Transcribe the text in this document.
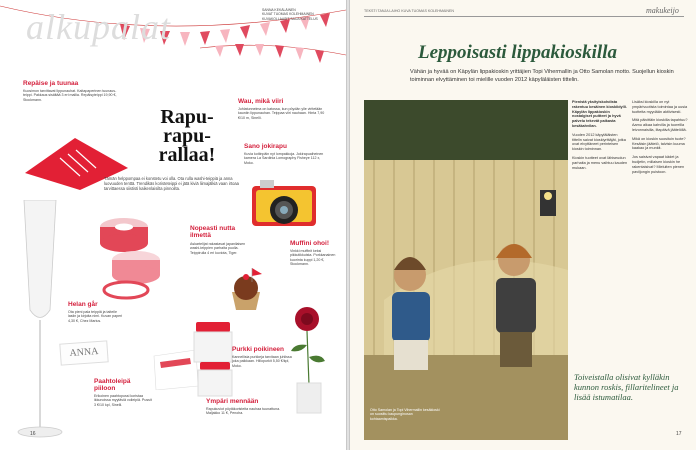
alkupalat	SANNA KEKÄLÄINEN
KUVAT TUOMAS KOLEHMAINEN
KUVAKOLLAASIT SAIJA KATTELUS
Repäise ja tuunaa
Kuosimon tarvittavat lippunauhat. Kaitapaperinen tuunaus-teippi. Pakkaus sisältää 3 eri mallia. Repäisyteippi 19,90 €, Stockmann.
Rapu-
rapu-
rallaa!
Tämän helppompaa ei konstetu voi olla. Ota rulla washi-teippiä ja anna luovuuden tenttä. Trendikäs koristeteippi ei jätä kiviä liimajälkiä vaan irtoaa tarvittaessa siististi kaikenlaisilta pinnoilta.
Wau, mikä viiri
Juhlatunnelma on katossa, kun pöydän ylle viritetään kauniin lippunauhan. Teippaa viiri nauhaan. Hinta 7,90 €/10 m, Sinelli.
Sano jokirapu
Kuvia kotiinpäin nyt lompakkoja. Jokirapuaiheinen kamera La Sardinia Lomography Fisheye 112 x, Moko.
Nopeasti nutta ilmettä
Askartelijat rakastavat japanilaisen washi-teippien parhaita puolia. Teippirulla 4 eri kuviota, Tiger.
Muffini ohoi!
Vinkki muffinit keksi pikkutikkuista. Porkkanainen kuorinta kuppi 1,20 €, Stockmann.
Helan går
Ota pieni pala teippiä ja taiteile lasiin ja kirjoita nimi. Kuvan paperi 4,30 €, Chez Marius.
ANNA
Paahtoleipä piiloon
Erikoinen paahtopussi koristaa ikkunoissa myytäviä voileipiä. Pussit 3 €/10 kpl, Sinelli.
Purkki poikineen
Kannellisia purkkeja tarvitaan juhlissa joka paikkaan. Hillopurkit 5,50 €/kpl, Moko.
Ympäri mennään
Rapukuviot pöytäkoristeita nauhaa tuunattuna. Maljakko 11 €, Penoha.
16
TEKSTI TANJA LAIHO KUVA TUOMAS KOLEHMAINEN	makukeijo
Leppoisasti lippakioskilla
Vähän ja hyvää on Käpylän lippakioskin yrittäjien Topi Vihermallin ja Otto Samolan motto. Suojellun kioskin toiminnan elvyttäminen toi mielille vuoden 2012 käpyläläisten tittelin.
Otto Samolan ja Topi Vihermallin kesäkioski on suosittu kaupunginosan kohtaamispaikka.

Pienistä yksityiskohdista rakentuu kesäinen kioskiidylli. Käpylän lippakioskin nostalgiset puitteet ja hyvä palvelu tekevät paikasta kesäkahvilan.

Vuoden 2012 käpyläläisten tittelin saivat kioskiyrittäjät, jotka ovat elvyttäneet perinteisen kioskin toiminnan.

Kioskin tuotteet ovat lähiseudun parhaita ja menu vaihtuu kauden mukaan.

Lisäksi kioskilla on nyt ympärivuotista toimintaa ja uusia tuotteita myydään aktiivisesti.

Mitä päivittäin kioskilla tapahtuu? Aamu alkaa kahvilla ja tuoreilla leivonnaisilla, iltapäivä jäätelöllä.

Mikä on kioskin suosituin tuote? Kesäisin jäätelö, talvisin kuuma kaakao ja munkit.

Jos saisivat vapaat kädet ja budjetin, millaisen kioskin he rakentaisivat? Mieluiten pienen paviljongin puistoon.

Toiveistalla olisivat kylläkin kunnon roskis, fillaritelineet ja lisää istumatilaa.
17
